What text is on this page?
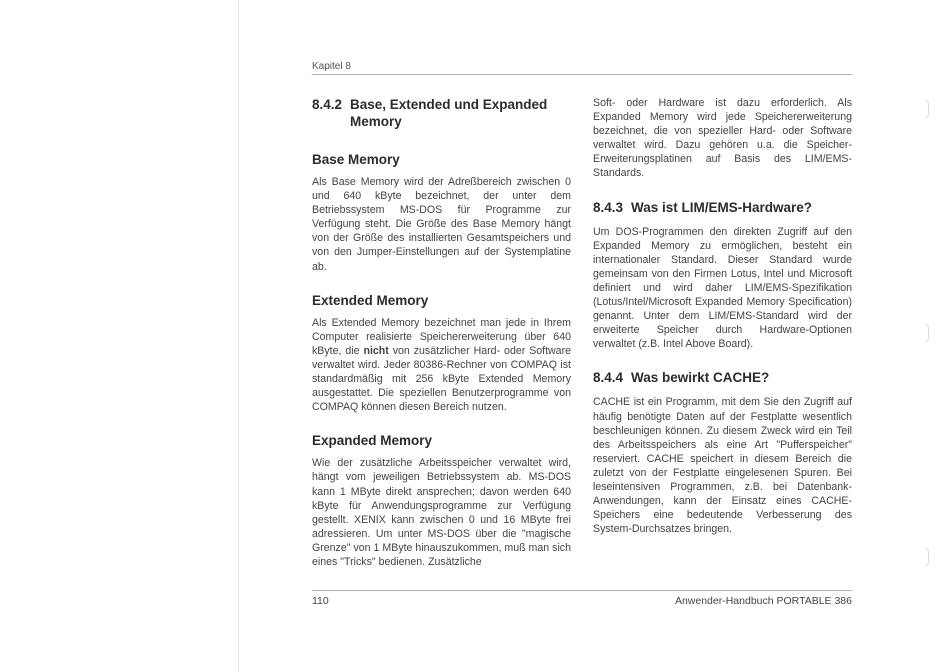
Kapitel 8
8.4.2 Base, Extended und Expanded Memory
Base Memory

Als Base Memory wird der Adreßbereich zwischen 0 und 640 kByte bezeichnet, der unter dem Betriebssystem MS-DOS für Programme zur Verfügung steht. Die Größe des Base Memory hängt von der Größe des installierten Gesamtspeichers und von den Jumper-Einstellungen auf der Systemplatine ab.

Extended Memory

Als Extended Memory bezeichnet man jede in Ihrem Computer realisierte Speichererweiterung über 640 kByte, die nicht von zusätzlicher Hard- oder Software verwaltet wird. Jeder 80386-Rechner von COMPAQ ist standardmäßig mit 256 kByte Extended Memory ausgestattet. Die speziellen Benutzerprogramme von COMPAQ können diesen Bereich nutzen.

Expanded Memory

Wie der zusätzliche Arbeitsspeicher verwaltet wird, hängt vom jeweiligen Betriebssystem ab. MS-DOS kann 1 MByte direkt ansprechen; davon werden 640 kByte für Anwendungsprogramme zur Verfügung gestellt. XENIX kann zwischen 0 und 16 MByte frei adressieren. Um unter MS-DOS über die "magische Grenze" von 1 MByte hinauszukommen, muß man sich eines "Tricks" bedienen. Zusätzliche

Soft- oder Hardware ist dazu erforderlich. Als Expanded Memory wird jede Speichererweiterung bezeichnet, die von spezieller Hard- oder Software verwaltet wird. Dazu gehören u.a. die Speicher-Erweiterungsplatinen auf Basis des LIM/EMS-Standards.

8.4.3 Was ist LIM/EMS-Hardware?

Um DOS-Programmen den direkten Zugriff auf den Expanded Memory zu ermöglichen, besteht ein internationaler Standard. Dieser Standard wurde gemeinsam von den Firmen Lotus, Intel und Microsoft definiert und wird daher LIM/EMS-Spezifikation (Lotus/Intel/Microsoft Expanded Memory Specification) genannt. Unter dem LIM/EMS-Standard wird der erweiterte Speicher durch Hardware-Optionen verwaltet (z.B. Intel Above Board).

8.4.4 Was bewirkt CACHE?

CACHE ist ein Programm, mit dem Sie den Zugriff auf häufig benötigte Daten auf der Festplatte wesentlich beschleunigen können. Zu diesem Zweck wird ein Teil des Arbeitsspeichers als eine Art "Pufferspeicher" reserviert. CACHE speichert in diesem Bereich die zuletzt von der Festplatte eingelesenen Spuren. Bei leseintensiven Programmen, z.B. bei Datenbank-Anwendungen, kann der Einsatz eines CACHE-Speichers eine bedeutende Verbesserung des System-Durchsatzes bringen.

110	Anwender-Handbuch PORTABLE 386
